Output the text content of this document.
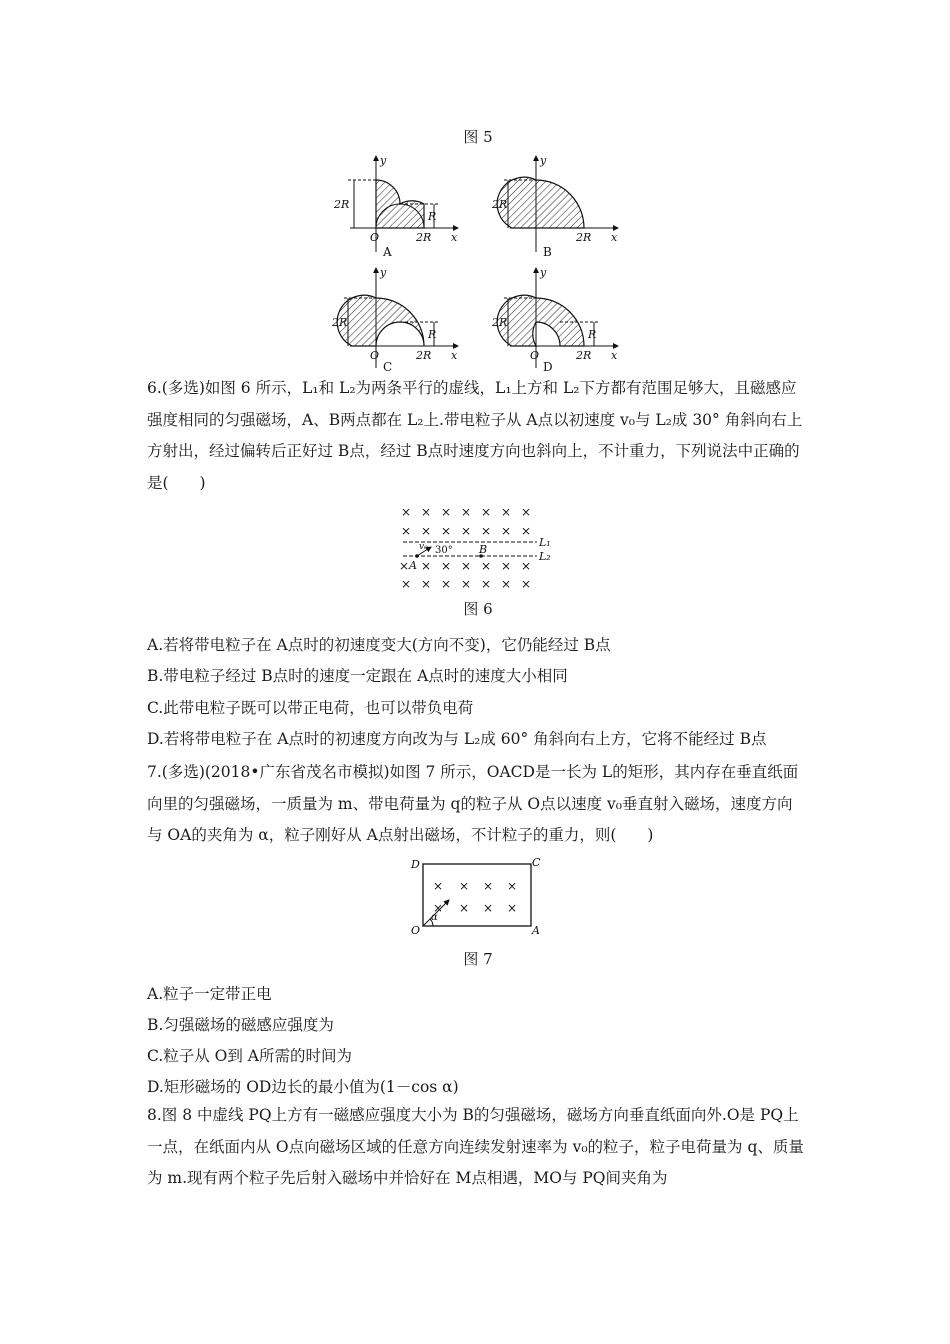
图 5
2R
R
O	2R x
y
A
2R
2R x
y
B
2R
R
O	2R x
y
C
2R
R
O	2R x
y
D

6.(多选)如图 6 所示，L₁和 L₂为两条平行的虚线，L₁上方和 L₂下方都有范围足够大，且磁感应强度相同的匀强磁场，A、B两点都在 L₂上.带电粒子从 A点以初速度 v₀与 L₂成 30° 角斜向右上方射出，经过偏转后正好过 B点，经过 B点时速度方向也斜向上，不计重力，下列说法中正确的是(　　)

× × × × × × ×
× × × × × × ×
L₁
L₂
v₀ 30° B
A
× × × × × × ×
× × × × × × ×
图 6
A.若将带电粒子在 A点时的初速度变大(方向不变)，它仍能经过 B点
B.带电粒子经过 B点时的速度一定跟在 A点时的速度大小相同
C.此带电粒子既可以带正电荷，也可以带负电荷
D.若将带电粒子在 A点时的初速度方向改为与 L₂成 60° 角斜向右上方，它将不能经过 B点

7.(多选)(2018•广东省茂名市模拟)如图 7 所示，OACD是一长为 L的矩形，其内存在垂直纸面向里的匀强磁场，一质量为 m、带电荷量为 q的粒子从 O点以速度 v₀垂直射入磁场，速度方向与 OA的夹角为 α，粒子刚好从 A点射出磁场，不计粒子的重力，则(　　)

D	C
O	A
× × × ×
× × × ×
α
图 7
A.粒子一定带正电
B.匀强磁场的磁感应强度为
C.粒子从 O到 A所需的时间为
D.矩形磁场的 OD边长的最小值为(1－cos α)

8.图 8 中虚线 PQ上方有一磁感应强度大小为 B的匀强磁场，磁场方向垂直纸面向外.O是 PQ上一点，在纸面内从 O点向磁场区域的任意方向连续发射速率为 v₀的粒子，粒子电荷量为 q、质量为 m.现有两个粒子先后射入磁场中并恰好在 M点相遇，MO与 PQ间夹角为
